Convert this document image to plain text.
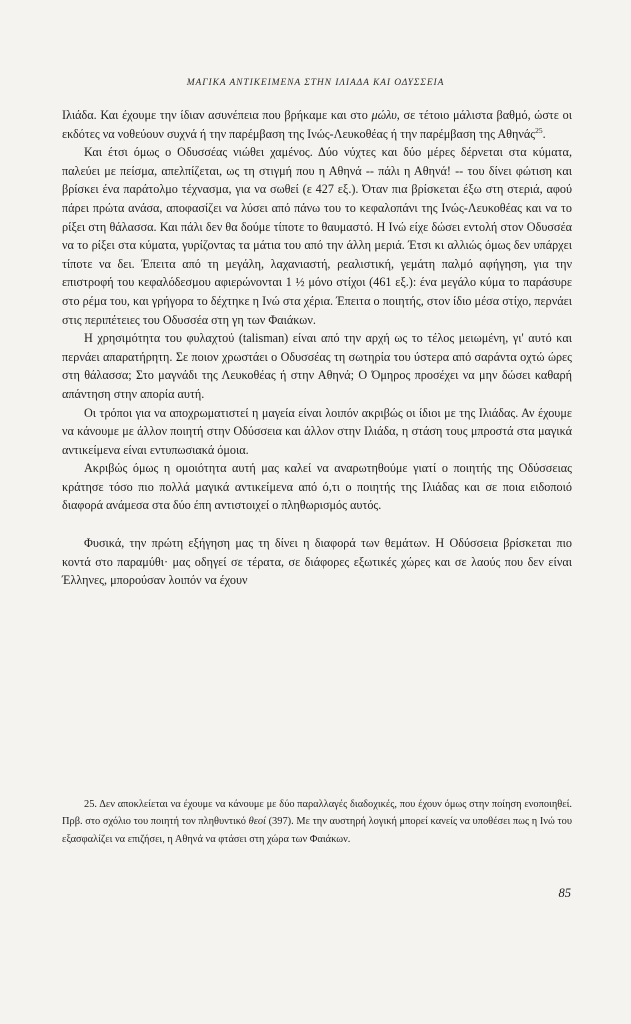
ΜΑΓΙΚΑ ΑΝΤΙΚΕΙΜΕΝΑ ΣΤΗΝ ΙΛΙΑΔΑ ΚΑΙ ΟΔΥΣΣΕΙΑ

Ιλιάδα. Και έχουμε την ίδιαν ασυνέπεια που βρήκαμε και στο μώλυ, σε τέτοιο μάλιστα βαθμό, ώστε οι εκδότες να νοθεύουν συχνά ή την παρέμβαση της Ινώς-Λευκοθέας ή την παρέμβαση της Αθηνάς$^{25}$.

Και έτσι όμως ο Οδυσσέας νιώθει χαμένος. Δύο νύχτες και δύο μέρες δέρνεται στα κύματα, παλεύει με πείσμα, απελπίζεται, ως τη στιγμή που η Αθηνά -- πάλι η Αθηνά! -- του δίνει φώτιση και βρίσκει ένα παράτολμο τέχνασμα, για να σωθεί (ε 427 εξ.). Όταν πια βρίσκεται έξω στη στεριά, αφού πάρει πρώτα ανάσα, αποφασίζει να λύσει από πάνω του το κεφαλοπάνι της Ινώς-Λευκοθέας και να το ρίξει στη θάλασσα. Και πάλι δεν θα δούμε τίποτε το θαυμαστό. Η Ινώ είχε δώσει εντολή στον Οδυσσέα να το ρίξει στα κύματα, γυρίζοντας τα μάτια του από την άλλη μεριά. Έτσι κι αλλιώς όμως δεν υπάρχει τίποτε να δει. Έπειτα από τη μεγάλη, λαχανιαστή, ρεαλιστική, γεμάτη παλμό αφήγηση, για την επιστροφή του κεφαλόδεσμου αφιερώνονται 1 ½ μόνο στίχοι (461 εξ.): ένα μεγάλο κύμα το παράσυρε στο ρέμα του, και γρήγορα το δέχτηκε η Ινώ στα χέρια. Έπειτα ο ποιητής, στον ίδιο μέσα στίχο, περνάει στις περιπέτειες του Οδυσσέα στη γη των Φαιάκων.

Η χρησιμότητα του φυλαχτού (talisman) είναι από την αρχή ως το τέλος μειωμένη, γι' αυτό και περνάει απαρατήρητη. Σε ποιον χρωστάει ο Οδυσσέας τη σωτηρία του ύστερα από σαράντα οχτώ ώρες στη θάλασσα; Στο μαγνάδι της Λευκοθέας ή στην Αθηνά; Ο Όμηρος προσέχει να μην δώσει καθαρή απάντηση στην απορία αυτή.

Οι τρόποι για να αποχρωματιστεί η μαγεία είναι λοιπόν ακριβώς οι ίδιοι με της Ιλιάδας. Αν έχουμε να κάνουμε με άλλον ποιητή στην Οδύσσεια και άλλον στην Ιλιάδα, η στάση τους μπροστά στα μαγικά αντικείμενα είναι εντυπωσιακά όμοια.

Ακριβώς όμως η ομοιότητα αυτή μας καλεί να αναρωτηθούμε γιατί ο ποιητής της Οδύσσειας κράτησε τόσο πιο πολλά μαγικά αντικείμενα από ό,τι ο ποιητής της Ιλιάδας και σε ποια ειδοποιό διαφορά ανάμεσα στα δύο έπη αντιστοιχεί ο πληθωρισμός αυτός.

Φυσικά, την πρώτη εξήγηση μας τη δίνει η διαφορά των θεμάτων. Η Οδύσσεια βρίσκεται πιο κοντά στο παραμύθι· μας οδηγεί σε τέρατα, σε διάφορες εξωτικές χώρες και σε λαούς που δεν είναι Έλληνες, μπορούσαν λοιπόν να έχουν

25. Δεν αποκλείεται να έχουμε να κάνουμε με δύο παραλλαγές διαδοχικές, που έχουν όμως στην ποίηση ενοποιηθεί. Πρβ. στο σχόλιο του ποιητή τον πληθυντικό θεοί (397). Με την αυστηρή λογική μπορεί κανείς να υποθέσει πως η Ινώ του εξασφαλίζει να επιζήσει, η Αθηνά να φτάσει στη χώρα των Φαιάκων.

85
